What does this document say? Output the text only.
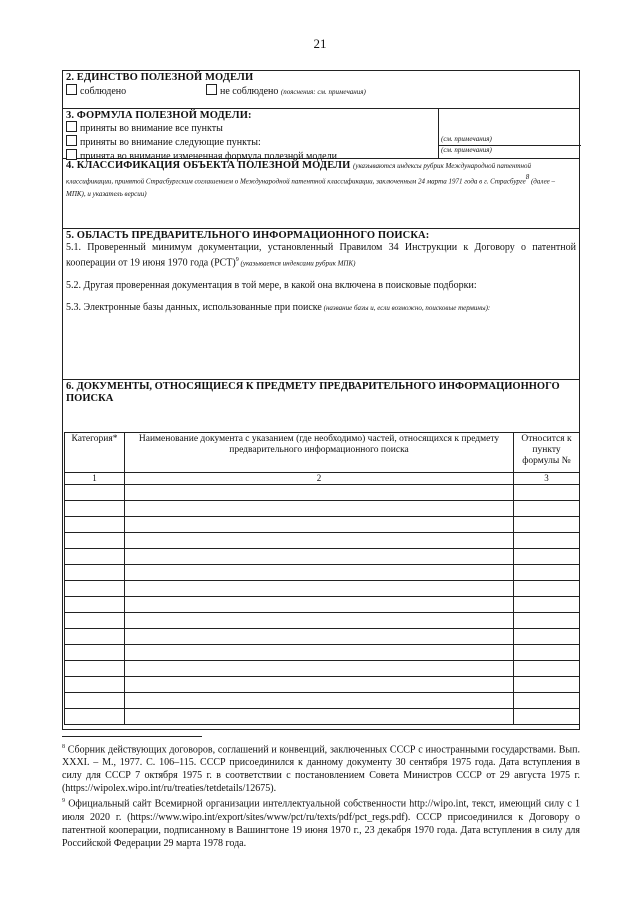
21
2. ЕДИНСТВО ПОЛЕЗНОЙ МОДЕЛИ
соблюдено	не соблюдено (пояснения: см. примечания)
3. ФОРМУЛА ПОЛЕЗНОЙ МОДЕЛИ:
приняты во внимание все пункты
приняты во внимание следующие пункты:
принята во внимание измененная формула полезной модели
(см. примечания)
(см. примечания)
4. КЛАССИФИКАЦИЯ ОБЪЕКТА ПОЛЕЗНОЙ МОДЕЛИ (указываются индексы рубрик Международной патентной классификации, принятой Страсбургским соглашением о Международной патентной классификации, заключенным 24 марта 1971 года в г. Страсбурге$^8$ (далее – МПК), и указатель версии)
5. ОБЛАСТЬ ПРЕДВАРИТЕЛЬНОГО ИНФОРМАЦИОННОГО ПОИСКА:

5.1. Проверенный минимум документации, установленный Правилом 34 Инструкции к Договору о патентной кооперации от 19 июня 1970 года (PCT)$^9$ (указывается индексами рубрик МПК)

5.2. Другая проверенная документация в той мере, в какой она включена в поисковые подборки:

5.3. Электронные базы данных, использованные при поиске (название базы и, если возможно, поисковые термины):

6. ДОКУМЕНТЫ, ОТНОСЯЩИЕСЯ К ПРЕДМЕТУ ПРЕДВАРИТЕЛЬНОГО ИНФОРМАЦИОННОГО ПОИСКА
Категория*	Наименование документа с указанием (где необходимо) частей, относящихся к предмету предварительного информационного поиска	Относится к пункту формулы №
1	2	3

$^8$ Сборник действующих договоров, соглашений и конвенций, заключенных СССР с иностранными государствами. Вып. XXXI. – М., 1977. С. 106–115. СССР присоединился к данному документу 30 сентября 1975 года. Дата вступления в силу для СССР 7 октября 1975 г. в соответствии с постановлением Совета Министров СССР от 29 августа 1975 г. (https://wipolex.wipo.int/ru/treaties/tetdetails/12675).

$^9$ Официальный сайт Всемирной организации интеллектуальной собственности http://wipo.int, текст, имеющий силу с 1 июля 2020 г. (https://www.wipo.int/export/sites/www/pct/ru/texts/pdf/pct_regs.pdf). СССР присоединился к Договору о патентной кооперации, подписанному в Вашингтоне 19 июня 1970 г., 23 декабря 1970 года. Дата вступления в силу для Российской Федерации 29 марта 1978 года.
